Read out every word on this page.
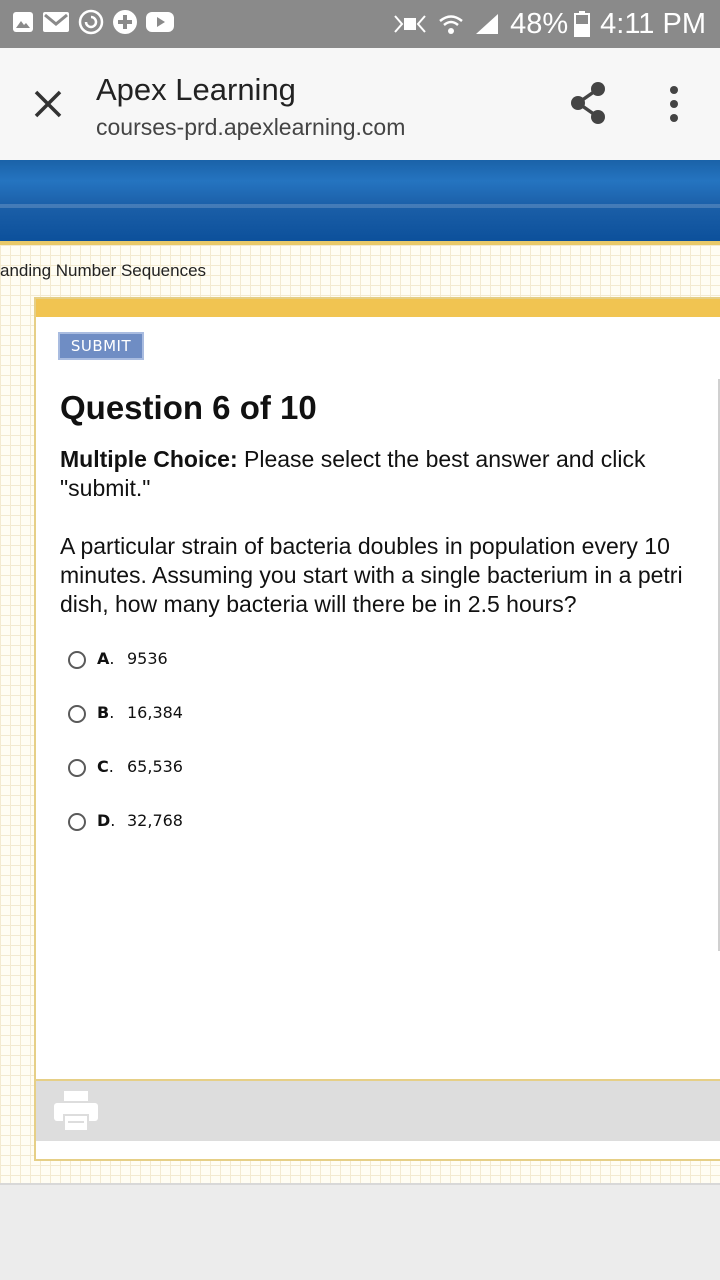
48% 4:11 PM
Apex Learning
courses-prd.apexlearning.com
anding Number Sequences
SUBMIT
Question 6 of 10
Multiple Choice: Please select the best answer and click "submit."
A particular strain of bacteria doubles in population every 10 minutes. Assuming you start with a single bacterium in a petri dish, how many bacteria will there be in 2.5 hours?
A. 9536
B. 16,384
C. 65,536
D. 32,768
